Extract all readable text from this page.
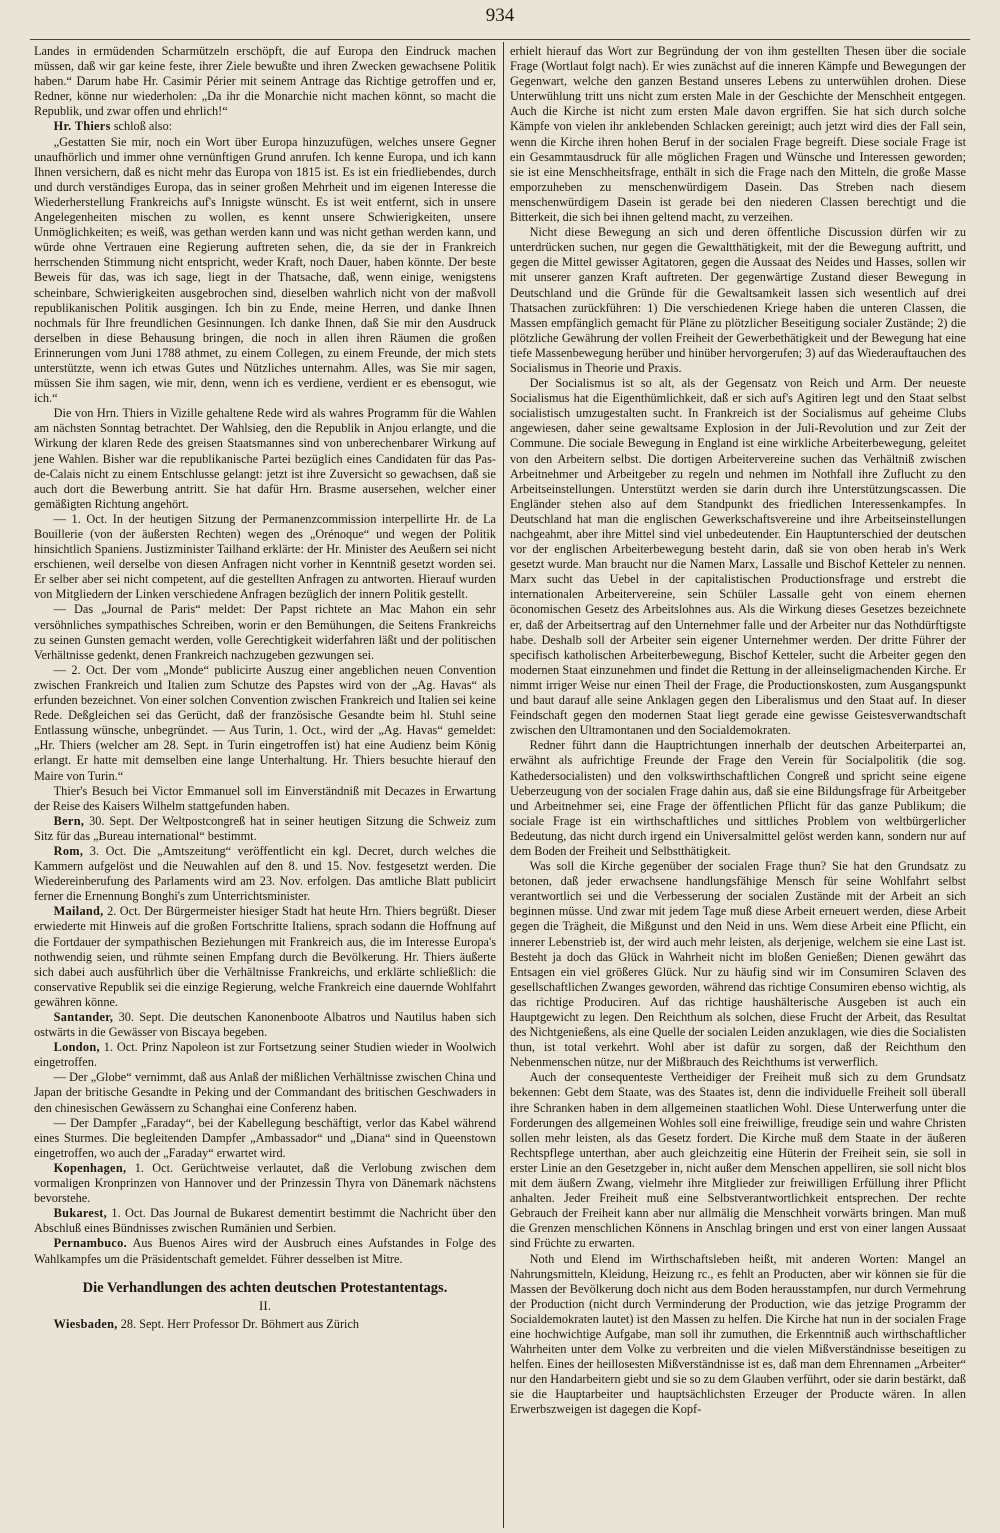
934

Landes in ermüdenden Scharmützeln erschöpft, die auf Europa den Eindruck machen müssen, daß wir gar keine feste, ihrer Ziele bewußte und ihren Zwecken gewachsene Politik haben.“ Darum habe Hr. Casimir Périer mit seinem Antrage das Richtige getroffen und er, Redner, könne nur wiederholen: „Da ihr die Monarchie nicht machen könnt, so macht die Republik, und zwar offen und ehrlich!“

Hr. Thiers schloß also:

„Gestatten Sie mir, noch ein Wort über Europa hinzuzufügen, welches unsere Gegner unaufhörlich und immer ohne vernünftigen Grund anrufen. Ich kenne Europa, und ich kann Ihnen versichern, daß es nicht mehr das Europa von 1815 ist. Es ist ein friedliebendes, durch und durch verständiges Europa, das in seiner großen Mehrheit und im eigenen Interesse die Wiederherstellung Frankreichs auf's Innigste wünscht. Es ist weit entfernt, sich in unsere Angelegenheiten mischen zu wollen, es kennt unsere Schwierigkeiten, unsere Unmöglichkeiten; es weiß, was gethan werden kann und was nicht gethan werden kann, und würde ohne Vertrauen eine Regierung auftreten sehen, die, da sie der in Frankreich herrschenden Stimmung nicht entspricht, weder Kraft, noch Dauer, haben könnte. Der beste Beweis für das, was ich sage, liegt in der Thatsache, daß, wenn einige, wenigstens scheinbare, Schwierigkeiten ausgebrochen sind, dieselben wahrlich nicht von der maßvoll republikanischen Politik ausgingen. Ich bin zu Ende, meine Herren, und danke Ihnen nochmals für Ihre freundlichen Gesinnungen. Ich danke Ihnen, daß Sie mir den Ausdruck derselben in diese Behausung bringen, die noch in allen ihren Räumen die großen Erinnerungen vom Juni 1788 athmet, zu einem Collegen, zu einem Freunde, der mich stets unterstützte, wenn ich etwas Gutes und Nützliches unternahm. Alles, was Sie mir sagen, müssen Sie ihm sagen, wie mir, denn, wenn ich es verdiene, verdient er es ebensogut, wie ich.“

Die von Hrn. Thiers in Vizille gehaltene Rede wird als wahres Programm für die Wahlen am nächsten Sonntag betrachtet. Der Wahlsieg, den die Republik in Anjou erlangte, und die Wirkung der klaren Rede des greisen Staatsmannes sind von unberechenbarer Wirkung auf jene Wahlen. Bisher war die republikanische Partei bezüglich eines Candidaten für das Pas-de-Calais nicht zu einem Entschlusse gelangt: jetzt ist ihre Zuversicht so gewachsen, daß sie auch dort die Bewerbung antritt. Sie hat dafür Hrn. Brasme ausersehen, welcher einer gemäßigten Richtung angehört.

— 1. Oct. In der heutigen Sitzung der Permanenzcommission interpellirte Hr. de La Bouillerie (von der äußersten Rechten) wegen des „Orénoque“ und wegen der Politik hinsichtlich Spaniens. Justizminister Tailhand erklärte: der Hr. Minister des Aeußern sei nicht erschienen, weil derselbe von diesen Anfragen nicht vorher in Kenntniß gesetzt worden sei. Er selber aber sei nicht competent, auf die gestellten Anfragen zu antworten. Hierauf wurden von Mitgliedern der Linken verschiedene Anfragen bezüglich der innern Politik gestellt.

— Das „Journal de Paris“ meldet: Der Papst richtete an Mac Mahon ein sehr versöhnliches sympathisches Schreiben, worin er den Bemühungen, die Seitens Frankreichs zu seinen Gunsten gemacht werden, volle Gerechtigkeit widerfahren läßt und der politischen Verhältnisse gedenkt, denen Frankreich nachzugeben gezwungen sei.

— 2. Oct. Der vom „Monde“ publicirte Auszug einer angeblichen neuen Convention zwischen Frankreich und Italien zum Schutze des Papstes wird von der „Ag. Havas“ als erfunden bezeichnet. Von einer solchen Convention zwischen Frankreich und Italien sei keine Rede. Deßgleichen sei das Gerücht, daß der französische Gesandte beim hl. Stuhl seine Entlassung wünsche, unbegründet. — Aus Turin, 1. Oct., wird der „Ag. Havas“ gemeldet: „Hr. Thiers (welcher am 28. Sept. in Turin eingetroffen ist) hat eine Audienz beim König erlangt. Er hatte mit demselben eine lange Unterhaltung. Hr. Thiers besuchte hierauf den Maire von Turin.“

Thier's Besuch bei Victor Emmanuel soll im Einverständniß mit Decazes in Erwartung der Reise des Kaisers Wilhelm stattgefunden haben.

Bern, 30. Sept. Der Weltpostcongreß hat in seiner heutigen Sitzung die Schweiz zum Sitz für das „Bureau international“ bestimmt.

Rom, 3. Oct. Die „Amtszeitung“ veröffentlicht ein kgl. Decret, durch welches die Kammern aufgelöst und die Neuwahlen auf den 8. und 15. Nov. festgesetzt werden. Die Wiedereinberufung des Parlaments wird am 23. Nov. erfolgen. Das amtliche Blatt publicirt ferner die Ernennung Bonghi's zum Unterrichtsminister.

Mailand, 2. Oct. Der Bürgermeister hiesiger Stadt hat heute Hrn. Thiers begrüßt. Dieser erwiederte mit Hinweis auf die großen Fortschritte Italiens, sprach sodann die Hoffnung auf die Fortdauer der sympathischen Beziehungen mit Frankreich aus, die im Interesse Europa's nothwendig seien, und rühmte seinen Empfang durch die Bevölkerung. Hr. Thiers äußerte sich dabei auch ausführlich über die Verhältnisse Frankreichs, und erklärte schließlich: die conservative Republik sei die einzige Regierung, welche Frankreich eine dauernde Wohlfahrt gewähren könne.

Santander, 30. Sept. Die deutschen Kanonenboote Albatros und Nautilus haben sich ostwärts in die Gewässer von Biscaya begeben.

London, 1. Oct. Prinz Napoleon ist zur Fortsetzung seiner Studien wieder in Woolwich eingetroffen.

— Der „Globe“ vernimmt, daß aus Anlaß der mißlichen Verhältnisse zwischen China und Japan der britische Gesandte in Peking und der Commandant des britischen Geschwaders in den chinesischen Gewässern zu Schanghai eine Conferenz haben.

— Der Dampfer „Faraday“, bei der Kabellegung beschäftigt, verlor das Kabel während eines Sturmes. Die begleitenden Dampfer „Ambassador“ und „Diana“ sind in Queenstown eingetroffen, wo auch der „Faraday“ erwartet wird.

Kopenhagen, 1. Oct. Gerüchtweise verlautet, daß die Verlobung zwischen dem vormaligen Kronprinzen von Hannover und der Prinzessin Thyra von Dänemark nächstens bevorstehe.

Bukarest, 1. Oct. Das Journal de Bukarest dementirt bestimmt die Nachricht über den Abschluß eines Bündnisses zwischen Rumänien und Serbien.

Pernambuco. Aus Buenos Aires wird der Ausbruch eines Aufstandes in Folge des Wahlkampfes um die Präsidentschaft gemeldet. Führer desselben ist Mitre.

Die Verhandlungen des achten deutschen Protestantentags.

II.

Wiesbaden, 28. Sept. Herr Professor Dr. Böhmert aus Zürich

erhielt hierauf das Wort zur Begründung der von ihm gestellten Thesen über die sociale Frage (Wortlaut folgt nach). Er wies zunächst auf die inneren Kämpfe und Bewegungen der Gegenwart, welche den ganzen Bestand unseres Lebens zu unterwühlen drohen. Diese Unterwühlung tritt uns nicht zum ersten Male in der Geschichte der Menschheit entgegen. Auch die Kirche ist nicht zum ersten Male davon ergriffen. Sie hat sich durch solche Kämpfe von vielen ihr anklebenden Schlacken gereinigt; auch jetzt wird dies der Fall sein, wenn die Kirche ihren hohen Beruf in der socialen Frage begreift. Diese sociale Frage ist ein Gesammtausdruck für alle möglichen Fragen und Wünsche und Interessen geworden; sie ist eine Menschheitsfrage, enthält in sich die Frage nach den Mitteln, die große Masse emporzuheben zu menschenwürdigem Dasein. Das Streben nach diesem menschenwürdigem Dasein ist gerade bei den niederen Classen berechtigt und die Bitterkeit, die sich bei ihnen geltend macht, zu verzeihen.

Nicht diese Bewegung an sich und deren öffentliche Discussion dürfen wir zu unterdrücken suchen, nur gegen die Gewaltthätigkeit, mit der die Bewegung auftritt, und gegen die Mittel gewisser Agitatoren, gegen die Aussaat des Neides und Hasses, sollen wir mit unserer ganzen Kraft auftreten. Der gegenwärtige Zustand dieser Bewegung in Deutschland und die Gründe für die Gewaltsamkeit lassen sich wesentlich auf drei Thatsachen zurückführen: 1) Die verschiedenen Kriege haben die unteren Classen, die Massen empfänglich gemacht für Pläne zu plötzlicher Beseitigung socialer Zustände; 2) die plötzliche Gewährung der vollen Freiheit der Gewerbethätigkeit und der Bewegung hat eine tiefe Massenbewegung herüber und hinüber hervorgerufen; 3) auf das Wiederauftauchen des Socialismus in Theorie und Praxis.

Der Socialismus ist so alt, als der Gegensatz von Reich und Arm. Der neueste Socialismus hat die Eigenthümlichkeit, daß er sich auf's Agitiren legt und den Staat selbst socialistisch umzugestalten sucht. In Frankreich ist der Socialismus auf geheime Clubs angewiesen, daher seine gewaltsame Explosion in der Juli-Revolution und zur Zeit der Commune. Die sociale Bewegung in England ist eine wirkliche Arbeiterbewegung, geleitet von den Arbeitern selbst. Die dortigen Arbeitervereine suchen das Verhältniß zwischen Arbeitnehmer und Arbeitgeber zu regeln und nehmen im Nothfall ihre Zuflucht zu den Arbeitseinstellungen. Unterstützt werden sie darin durch ihre Unterstützungscassen. Die Engländer stehen also auf dem Standpunkt des friedlichen Interessenkampfes. In Deutschland hat man die englischen Gewerkschaftsvereine und ihre Arbeitseinstellungen nachgeahmt, aber ihre Mittel sind viel unbedeutender. Ein Hauptunterschied der deutschen vor der englischen Arbeiterbewegung besteht darin, daß sie von oben herab in's Werk gesetzt wurde. Man braucht nur die Namen Marx, Lassalle und Bischof Ketteler zu nennen. Marx sucht das Uebel in der capitalistischen Productionsfrage und erstrebt die internationalen Arbeitervereine, sein Schüler Lassalle geht von einem ehernen öconomischen Gesetz des Arbeitslohnes aus. Als die Wirkung dieses Gesetzes bezeichnete er, daß der Arbeitsertrag auf den Unternehmer falle und der Arbeiter nur das Nothdürftigste habe. Deshalb soll der Arbeiter sein eigener Unternehmer werden. Der dritte Führer der specifisch katholischen Arbeiterbewegung, Bischof Ketteler, sucht die Arbeiter gegen den modernen Staat einzunehmen und findet die Rettung in der alleinseligmachenden Kirche. Er nimmt irriger Weise nur einen Theil der Frage, die Productionskosten, zum Ausgangspunkt und baut darauf alle seine Anklagen gegen den Liberalismus und den Staat auf. In dieser Feindschaft gegen den modernen Staat liegt gerade eine gewisse Geistesverwandtschaft zwischen den Ultramontanen und den Socialdemokraten.

Redner führt dann die Hauptrichtungen innerhalb der deutschen Arbeiterpartei an, erwähnt als aufrichtige Freunde der Frage den Verein für Socialpolitik (die sog. Kathedersocialisten) und den volkswirthschaftlichen Congreß und spricht seine eigene Ueberzeugung von der socialen Frage dahin aus, daß sie eine Bildungsfrage für Arbeitgeber und Arbeitnehmer sei, eine Frage der öffentlichen Pflicht für das ganze Publikum; die sociale Frage ist ein wirthschaftliches und sittliches Problem von weltbürgerlicher Bedeutung, das nicht durch irgend ein Universalmittel gelöst werden kann, sondern nur auf dem Boden der Freiheit und Selbstthätigkeit.

Was soll die Kirche gegenüber der socialen Frage thun? Sie hat den Grundsatz zu betonen, daß jeder erwachsene handlungsfähige Mensch für seine Wohlfahrt selbst verantwortlich sei und die Verbesserung der socialen Zustände mit der Arbeit an sich beginnen müsse. Und zwar mit jedem Tage muß diese Arbeit erneuert werden, diese Arbeit gegen die Trägheit, die Mißgunst und den Neid in uns. Wem diese Arbeit eine Pflicht, ein innerer Lebenstrieb ist, der wird auch mehr leisten, als derjenige, welchem sie eine Last ist. Besteht ja doch das Glück in Wahrheit nicht im bloßen Genießen; Dienen gewährt das Entsagen ein viel größeres Glück. Nur zu häufig sind wir im Consumiren Sclaven des gesellschaftlichen Zwanges geworden, während das richtige Consumiren ebenso wichtig, als das richtige Produciren. Auf das richtige haushälterische Ausgeben ist auch ein Hauptgewicht zu legen. Den Reichthum als solchen, diese Frucht der Arbeit, das Resultat des Nichtgenießens, als eine Quelle der socialen Leiden anzuklagen, wie dies die Socialisten thun, ist total verkehrt. Wohl aber ist dafür zu sorgen, daß der Reichthum den Nebenmenschen nütze, nur der Mißbrauch des Reichthums ist verwerflich.

Auch der consequenteste Vertheidiger der Freiheit muß sich zu dem Grundsatz bekennen: Gebt dem Staate, was des Staates ist, denn die individuelle Freiheit soll überall ihre Schranken haben in dem allgemeinen staatlichen Wohl. Diese Unterwerfung unter die Forderungen des allgemeinen Wohles soll eine freiwillige, freudige sein und wahre Christen sollen mehr leisten, als das Gesetz fordert. Die Kirche muß dem Staate in der äußeren Rechtspflege unterthan, aber auch gleichzeitig eine Hüterin der Freiheit sein, sie soll in erster Linie an den Gesetzgeber in, nicht außer dem Menschen appelliren, sie soll nicht blos mit dem äußern Zwang, vielmehr ihre Mitglieder zur freiwilligen Erfüllung ihrer Pflicht anhalten. Jeder Freiheit muß eine Selbstverantwortlichkeit entsprechen. Der rechte Gebrauch der Freiheit kann aber nur allmälig die Menschheit vorwärts bringen. Man muß die Grenzen menschlichen Könnens in Anschlag bringen und erst von einer langen Aussaat sind Früchte zu erwarten.

Noth und Elend im Wirthschaftsleben heißt, mit anderen Worten: Mangel an Nahrungsmitteln, Kleidung, Heizung rc., es fehlt an Producten, aber wir können sie für die Massen der Bevölkerung doch nicht aus dem Boden herausstampfen, nur durch Vermehrung der Production (nicht durch Verminderung der Production, wie das jetzige Programm der Socialdemokraten lautet) ist den Massen zu helfen. Die Kirche hat nun in der socialen Frage eine hochwichtige Aufgabe, man soll ihr zumuthen, die Erkenntniß auch wirthschaftlicher Wahrheiten unter dem Volke zu verbreiten und die vielen Mißverständnisse beseitigen zu helfen. Eines der heillosesten Mißverständnisse ist es, daß man dem Ehrennamen „Arbeiter“ nur den Handarbeitern giebt und sie so zu dem Glauben verführt, oder sie darin bestärkt, daß sie die Hauptarbeiter und hauptsächlichsten Erzeuger der Producte wären. In allen Erwerbszweigen ist dagegen die Kopf-
